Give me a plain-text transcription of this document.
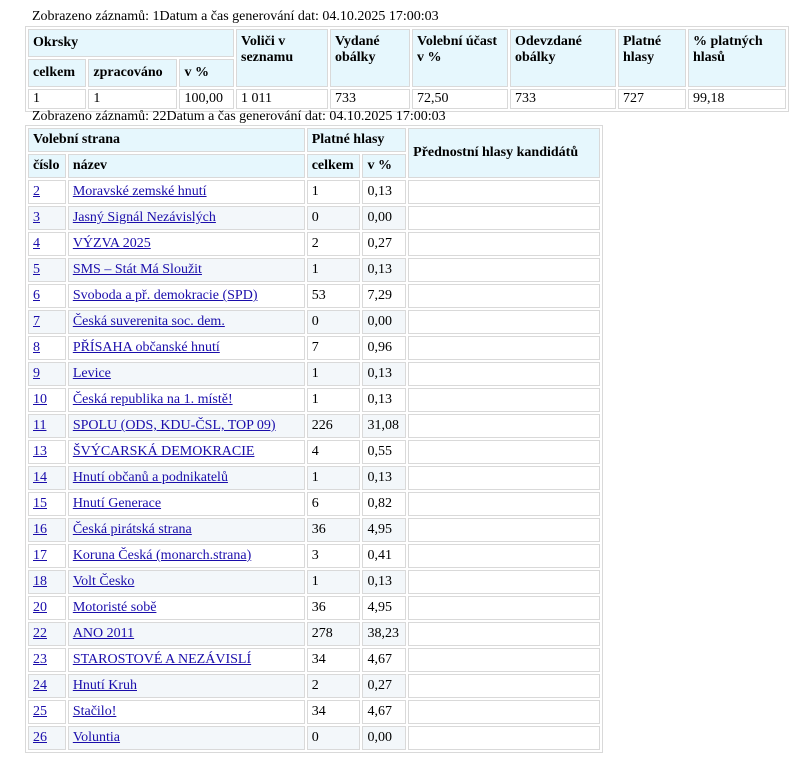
Zobrazeno záznamů: 1Datum a čas generování dat: 04.10.2025 17:00:03
Okrsky			Voliči v seznamu	Vydané obálky	Volební účast v %	Odevzdané obálky	Platné hlasy	% platných hlasů
celkem	zpracováno	v %						
1	1	100,00	1 011	733	72,50	733	727	99,18
Zobrazeno záznamů: 22Datum a čas generování dat: 04.10.2025 17:00:03
Volební strana		Platné hlasy		Přednostní hlasy kandidátů
číslo	název	celkem	v %	
2	Moravské zemské hnutí	1	0,13	
3	Jasný Signál Nezávislých	0	0,00	
4	VÝZVA 2025	2	0,27	
5	SMS – Stát Má Sloužit	1	0,13	
6	Svoboda a př. demokracie (SPD)	53	7,29	
7	Česká suverenita soc. dem.	0	0,00	
8	PŘÍSAHA občanské hnutí	7	0,96	
9	Levice	1	0,13	
10	Česká republika na 1. místě!	1	0,13	
11	SPOLU (ODS, KDU-ČSL, TOP 09)	226	31,08	
13	ŠVÝCARSKÁ DEMOKRACIE	4	0,55	
14	Hnutí občanů a podnikatelů	1	0,13	
15	Hnutí Generace	6	0,82	
16	Česká pirátská strana	36	4,95	
17	Koruna Česká (monarch.strana)	3	0,41	
18	Volt Česko	1	0,13	
20	Motoristé sobě	36	4,95	
22	ANO 2011	278	38,23	
23	STAROSTOVÉ A NEZÁVISLÍ	34	4,67	
24	Hnutí Kruh	2	0,27	
25	Stačilo!	34	4,67	
26	Voluntia	0	0,00	
